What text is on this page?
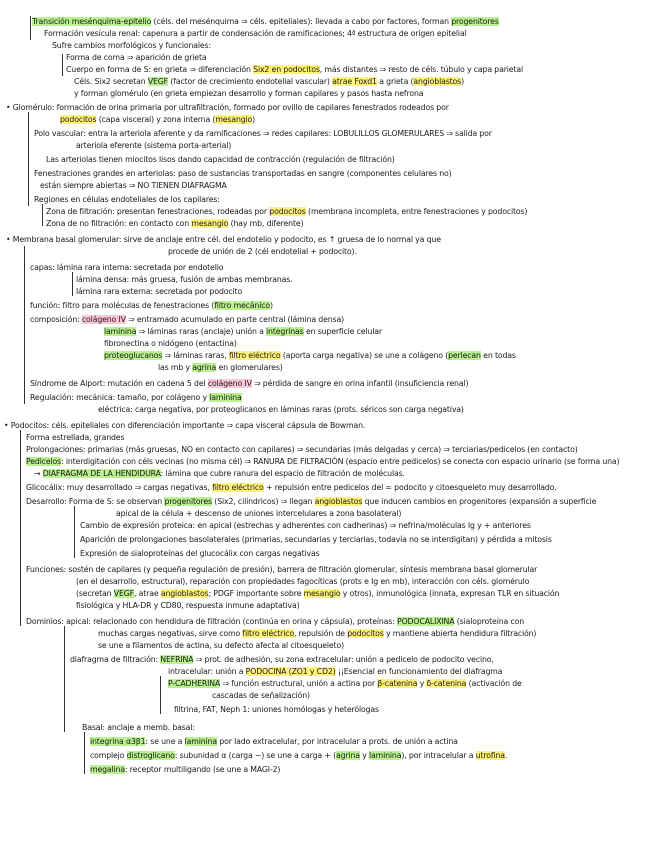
Transición mesénquima-epitelio (céls. del mesénquima ⇒ céls. epiteliales): llevada a cabo por factores, forman progenitores
Formación vesícula renal: capenura a partir de condensación de ramificaciones; 4ª estructura de origen epitelial
Sufre cambios morfológicos y funcionales:
Forma de coma ⇒ aparición de grieta
Cuerpo en forma de S: en grieta ⇒ diferenciación Six2 en podocitos, más distantes ⇒ resto de céls. túbulo y capa parietal
Céls. Six2 secretan VEGF (factor de crecimiento endotelial vascular) atrae Foxd1 a grieta (angioblastos)
y forman glomérulo (en grieta empiezan desarrollo y forman capilares y pasos hasta nefrona
• Glomérulo: formación de orina primaria por ultrafiltración, formado por ovillo de capilares fenestrados rodeados por
podocitos (capa visceral) y zona interna (mesangio)
Polo vascular: entra la arteriola aferente y da ramificaciones ⇒ redes capilares: LOBULILLOS GLOMERULARES ⇒ salida por
arteriola eferente (sistema porta-arterial)
Las arteriolas tienen miocitos lisos dando capacidad de contracción (regulación de filtración)
Fenestraciones grandes en arteriolas: paso de sustancias transportadas en sangre (componentes celulares no)
están siempre abiertas ⇒ NO TIENEN DIAFRAGMA
Regiones en células endoteliales de los capilares:
Zona de filtración: presentan fenestraciones, rodeadas por podocitos (membrana incompleta, entre fenestraciones y podocitos)
Zona de no filtración: en contacto con mesangio (hay mb, diferente)
• Membrana basal glomerular: sirve de anclaje entre cél. del endotelio y podocito, es ↑ gruesa de lo normal ya que
procede de unión de 2 (cél endotelial + podocito).
capas: lámina rara interna: secretada por endotelio
lámina densa: más gruesa, fusión de ambas membranas.
lámina rara externa: secretada por podocito
función: filtro para moléculas de fenestraciones (filtro mecánico)
composición: colágeno IV ⇒ entramado acumulado en parte central (lámina densa)
laminina ⇒ láminas raras (anclaje) unión a integrinas en superficie celular
fibronectina o nidógeno (entactina)
proteoglucanos ⇒ láminas raras, filtro eléctrico (aporta carga negativa) se une a colágeno (perlecan en todas
las mb y agrina en glomerulares)
Síndrome de Alport: mutación en cadena 5 del colágeno IV ⇒ pérdida de sangre en orina infantil (insuficiencia renal)
Regulación: mecánica: tamaño, por colágeno y laminina
eléctrica: carga negativa, por proteoglicanos en láminas raras (prots. séricos son carga negativa)
• Podocitos: céls. epiteliales con diferenciación importante ⇒ capa visceral cápsula de Bowman.
Forma estrellada, grandes
Prolongaciones: primarias (más gruesas, NO en contacto con capilares) ⇒ secundarias (más delgadas y cerca) ⇒ terciarias/pedicelos (en contacto)
Pedicelos: interdigitación con céls vecinas (no misma cél) ⇒ RANURA DE FILTRACIÓN (espacio entre pedicelos) se conecta con espacio urinario (se forma una)
→ DIAFRAGMA DE LA HENDIDURA: lámina que cubre ranura del espacio de filtración de moléculas.
Glicocálix: muy desarrollado ⇒ cargas negativas, filtro eléctrico + repulsión entre pedicelos del = podocito y citoesqueleto muy desarrollado.
Desarrollo: Forma de S: se observan progenitores (Six2, cilíndricos) ⇒ llegan angioblastos que inducen cambios en progenitores (expansión a superficie
apical de la célula + descenso de uniones intercelulares a zona basolateral)
Cambio de expresión proteica: en apical (estrechas y adherentes con cadherinas) ⇒ nefrina/moléculas Ig y + anteriores
Aparición de prolongaciones basolaterales (primarias, secundarias y terciarias, todavía no se interdigitan) y pérdida a mitosis
Expresión de sialoproteínas del glucocálix con cargas negativas
Funciones: sostén de capilares (y pequeña regulación de presión), barrera de filtración glomerular, síntesis membrana basal glomerular
(en el desarrollo, estructural), reparación con propiedades fagocíticas (prots e Ig en mb), interacción con céls. glomérulo
(secretan VEGF, atrae angioblastos; PDGF importante sobre mesangio y otros), inmunológica (innata, expresan TLR en situación
fisiológica y HLA-DR y CD80, respuesta inmune adaptativa)
Dominios: apical: relacionado con hendidura de filtración (continúa en orina y cápsula), proteínas: PODOCALIXINA (sialoproteína con
muchas cargas negativas, sirve como filtro eléctrico, repulsión de podocitos y mantiene abierta hendidura filtración)
se une a filamentos de actina, su defecto afecta al citoesqueleto)
diafragma de filtración: NEFRINA ⇒ prot. de adhesión, su zona extracelular: unión a pedicelo de podocito vecino,
intracelular: unión a PODOCINA (ZO1 y CD2) ¡¡Esencial en funcionamiento del diafragma
P-CADHERINA ⇒ función estructural, unión a actina por β-catenina y δ-catenina (activación de
cascadas de señalización)
filtrina, FAT, Neph 1: uniones homólogas y heterólogas
Basal: anclaje a memb. basal:
integrina α3β1: se une a laminina por lado extracelular, por intracelular a prots. de unión a actina
complejo distroglicano: subunidad α (carga −) se une a carga + (agrina y laminina), por intracelular a utrofina.
megalina: receptor multiligando (se une a MAGI-2)
